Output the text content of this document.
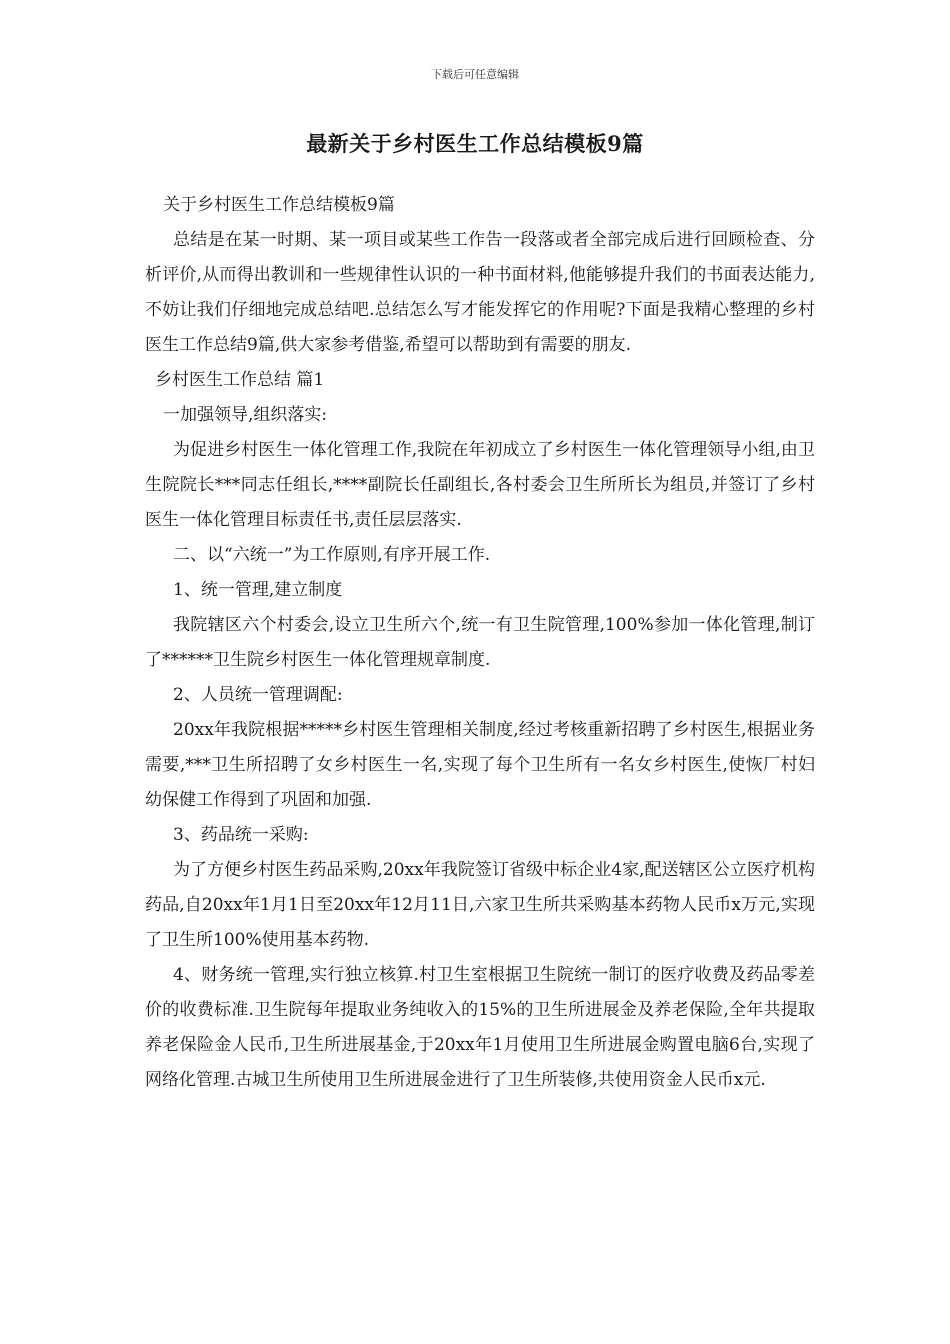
下载后可任意编辑
最新关于乡村医生工作总结模板9篇

关于乡村医生工作总结模板9篇

总结是在某一时期、某一项目或某些工作告一段落或者全部完成后进行回顾检查、分析评价,从而得出教训和一些规律性认识的一种书面材料,他能够提升我们的书面表达能力,不妨让我们仔细地完成总结吧.总结怎么写才能发挥它的作用呢?下面是我精心整理的乡村医生工作总结9篇,供大家参考借鉴,希望可以帮助到有需要的朋友.

乡村医生工作总结 篇1

一加强领导,组织落实:

为促进乡村医生一体化管理工作,我院在年初成立了乡村医生一体化管理领导小组,由卫生院院长***同志任组长,****副院长任副组长,各村委会卫生所所长为组员,并签订了乡村医生一体化管理目标责任书,责任层层落实.

二、以“六统一”为工作原则,有序开展工作.

1、统一管理,建立制度

我院辖区六个村委会,设立卫生所六个,统一有卫生院管理,100%参加一体化管理,制订了******卫生院乡村医生一体化管理规章制度.

2、人员统一管理调配:

20xx年我院根据*****乡村医生管理相关制度,经过考核重新招聘了乡村医生,根据业务需要,***卫生所招聘了女乡村医生一名,实现了每个卫生所有一名女乡村医生,使恢厂村妇幼保健工作得到了巩固和加强.

3、药品统一采购:

为了方便乡村医生药品采购,20xx年我院签订省级中标企业4家,配送辖区公立医疗机构药品,自20xx年1月1日至20xx年12月11日,六家卫生所共采购基本药物人民币x万元,实现了卫生所100%使用基本药物.

4、财务统一管理,实行独立核算.村卫生室根据卫生院统一制订的医疗收费及药品零差价的收费标准.卫生院每年提取业务纯收入的15%的卫生所进展金及养老保险,全年共提取养老保险金人民币,卫生所进展基金,于20xx年1月使用卫生所进展金购置电脑6台,实现了网络化管理.古城卫生所使用卫生所进展金进行了卫生所装修,共使用资金人民币x元.
